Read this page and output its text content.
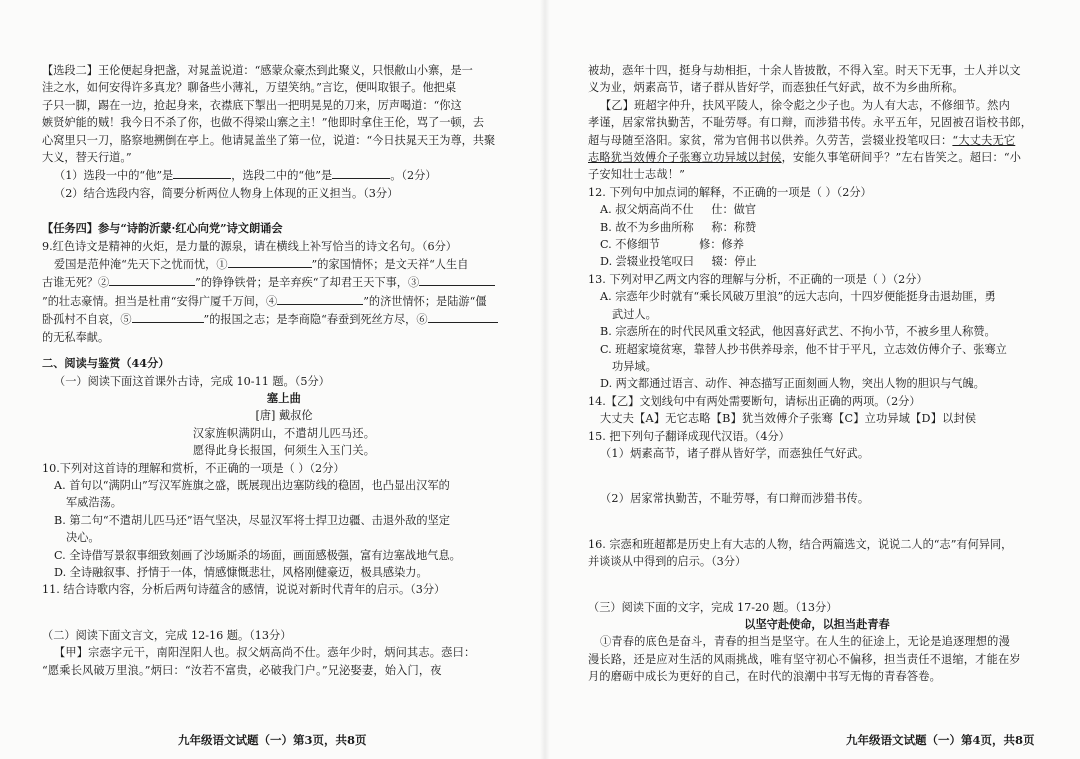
【选段二】王伦便起身把盏，对晁盖说道：“感蒙众豪杰到此聚义，只恨敝山小寨，是一

洼之水，如何安得许多真龙？聊备些小薄礼，万望笑纳。”言讫，便叫取银子。他把桌

子只一脚，踢在一边，抢起身来，衣襟底下掣出一把明晃晃的刀来，厉声喝道：“你这

嫉贤妒能的贼！我今日不杀了你，也做不得梁山寨之主！”他即时拿住王伦，骂了一顿，去

心窝里只一刀，胳察地搠倒在亭上。他请晁盖坐了第一位，说道：“今日扶晁天王为尊，共聚

大义，替天行道。”

（1）选段一中的“他”是	，选段二中的“他”是	。（2分）

（2）结合选段内容，简要分析两位人物身上体现的正义担当。（3分）

【任务四】参与“诗韵沂蒙·红心向党”诗文朗诵会

9.红色诗文是精神的火炬，是力量的源泉，请在横线上补写恰当的诗文名句。（6分）

爱国是范仲淹“先天下之忧而忧，①	”的家国情怀；是文天祥“人生自

古谁无死？②	”的铮铮铁骨；是辛弃疾“了却君王天下事，③

”的壮志豪情。担当是杜甫“安得广厦千万间，④	”的济世情怀；是陆游“僵

卧孤村不自哀，⑤	”的报国之志；是李商隐“春蚕到死丝方尽，⑥

的无私奉献。

二、阅读与鉴赏（44分）

（一）阅读下面这首课外古诗，完成 10-11 题。（5分）

塞上曲

[唐] 戴叔伦

汉家旌帜满阴山，不遣胡儿匹马还。

愿得此身长报国，何须生入玉门关。

10.下列对这首诗的理解和赏析，不正确的一项是（ ）（2分）

A. 首句以“满阴山”写汉军旌旗之盛，既展现出边塞防线的稳固，也凸显出汉军的

军威浩荡。

B. 第二句“不遣胡儿匹马还”语气坚决，尽显汉军将士捍卫边疆、击退外敌的坚定

决心。

C. 全诗借写景叙事细致刻画了沙场厮杀的场面，画面感极强，富有边塞战地气息。

D. 全诗融叙事、抒情于一体，情感慷慨悲壮，风格刚健豪迈，极具感染力。

11. 结合诗歌内容，分析后两句诗蕴含的感情，说说对新时代青年的启示。（3分）

（二）阅读下面文言文，完成 12-16 题。（13分）

【甲】宗悫字元干，南阳涅阳人也。叔父炳高尚不仕。悫年少时，炳问其志。悫曰：

“愿乘长风破万里浪。”炳曰：“汝若不富贵，必破我门户。”兄泌娶妻，始入门，夜

九年级语文试题（一）第3页，共8页

被劫，悫年十四，挺身与劫相拒，十余人皆披散，不得入室。时天下无事，士人并以文

义为业，炳素高节，诸子群从皆好学，而悫独任气好武，故不为乡曲所称。

【乙】班超字仲升，扶风平陵人，徐令彪之少子也。为人有大志，不修细节。然内

孝谨，居家常执勤苦，不耻劳辱。有口辩，而涉猎书传。永平五年，兄固被召诣校书郎，

超与母随至洛阳。家贫，常为官佣书以供养。久劳苦，尝辍业投笔叹曰：“大丈夫无它

志略犹当效傅介子张骞立功异域以封侯，安能久事笔研间乎？”左右皆笑之。超曰：“小

子安知壮士志哉！”

12. 下列句中加点词的解释，不正确的一项是（ ）（2分）

A. 叔父炳高尚不仕     仕：做官

B. 故不为乡曲所称     称：称赞

C. 不修细节           修：修养

D. 尝辍业投笔叹曰     辍：停止

13. 下列对甲乙两文内容的理解与分析，不正确的一项是（ ）（2分）

A. 宗悫年少时就有“乘长风破万里浪”的远大志向，十四岁便能挺身击退劫匪，勇

武过人。

B. 宗悫所在的时代民风重文轻武，他因喜好武艺、不拘小节，不被乡里人称赞。

C. 班超家境贫寒，靠替人抄书供养母亲，他不甘于平凡，立志效仿傅介子、张骞立

功异域。

D. 两文都通过语言、动作、神态描写正面刻画人物，突出人物的胆识与气魄。

14.【乙】文划线句中有两处需要断句，请标出正确的两项。（2分）

大丈夫【A】无它志略【B】犹当效傅介子张骞【C】立功异域【D】以封侯

15. 把下列句子翻译成现代汉语。（4分）

（1）炳素高节，诸子群从皆好学，而悫独任气好武。

（2）居家常执勤苦，不耻劳辱，有口辩而涉猎书传。

16. 宗悫和班超都是历史上有大志的人物，结合两篇选文，说说二人的“志”有何异同，

并谈谈从中得到的启示。（3分）

（三）阅读下面的文字，完成 17-20 题。（13分）

以坚守赴使命，以担当赴青春

①青春的底色是奋斗，青春的担当是坚守。在人生的征途上，无论是追逐理想的漫

漫长路，还是应对生活的风雨挑战，唯有坚守初心不偏移，担当责任不退缩，才能在岁

月的磨砺中成长为更好的自己，在时代的浪潮中书写无悔的青春答卷。

九年级语文试题（一）第4页，共8页
